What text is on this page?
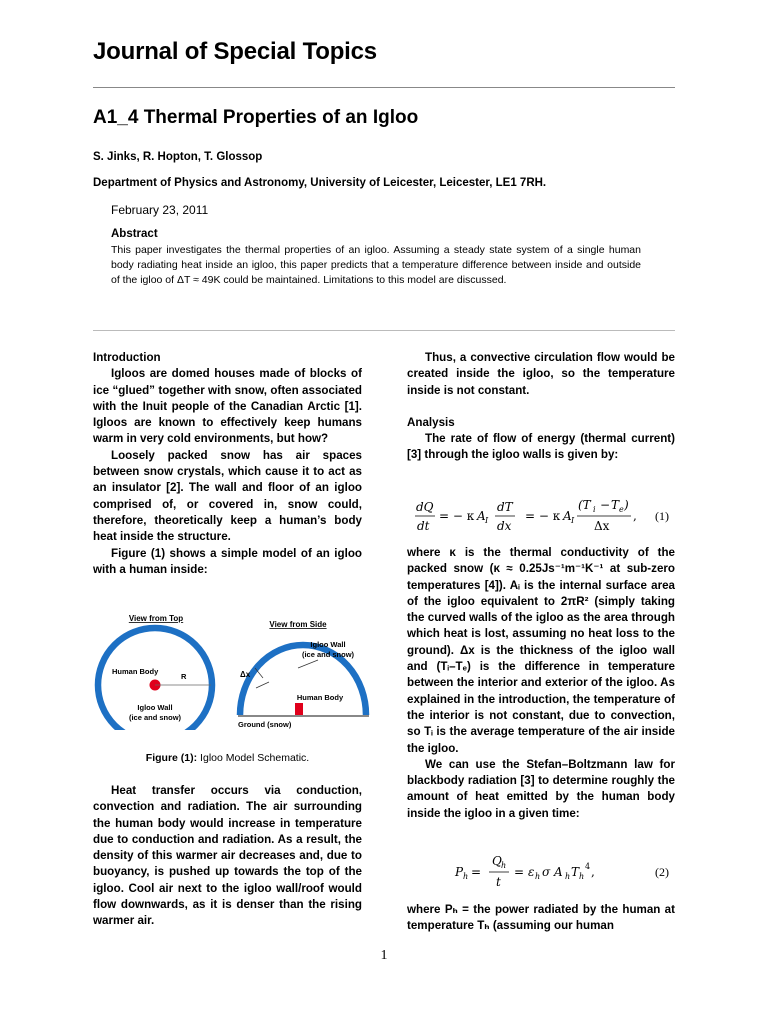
Journal of Special Topics
A1_4 Thermal Properties of an Igloo
S. Jinks, R. Hopton, T. Glossop
Department of Physics and Astronomy, University of Leicester, Leicester, LE1 7RH.
February 23, 2011
Abstract
This paper investigates the thermal properties of an igloo. Assuming a steady state system of a single human body radiating heat inside an igloo, this paper predicts that a temperature difference between inside and outside of the igloo of ΔT ≈ 49K could be maintained. Limitations to this model are discussed.

Introduction

Igloos are domed houses made of blocks of ice “glued” together with snow, often associated with the Inuit people of the Canadian Arctic [1]. Igloos are known to effectively keep humans warm in very cold environments, but how?

Loosely packed snow has air spaces between snow crystals, which cause it to act as an insulator [2]. The wall and floor of an igloo comprised of, or covered in, snow could, therefore, theoretically keep a human’s body heat inside the structure.

Figure (1) shows a simple model of an igloo with a human inside:

View from Top
Human Body
R
Igloo Wall
(ice and snow)
View from Side
Igloo Wall
(ice and snow)
Human Body
Δx
Ground (snow)
Figure (1): Igloo Model Schematic.

Heat transfer occurs via conduction, convection and radiation. The air surrounding the human body would increase in temperature due to conduction and radiation. As a result, the density of this warmer air decreases and, due to buoyancy, is pushed up towards the top of the igloo. Cool air next to the igloo wall/roof would flow downwards, as it is denser than the rising warmer air.

Thus, a convective circulation flow would be created inside the igloo, so the temperature inside is not constant.

Analysis

The rate of flow of energy (thermal current) [3] through the igloo walls is given by:

dQ
dt
= − κ A I
dT
dx
= − κ A I
(T i − T e )
Δx
, (1)

where κ is the thermal conductivity of the packed snow (κ ≈ 0.25Js⁻¹m⁻¹K⁻¹ at sub-zero temperatures [4]). Aᵢ is the internal surface area of the igloo equivalent to 2πR² (simply taking the curved walls of the igloo as the area through which heat is lost, assuming no heat loss to the ground). Δx is the thickness of the igloo wall and (Tᵢ–Tₑ) is the difference in temperature between the interior and exterior of the igloo. As explained in the introduction, the temperature of the interior is not constant, due to convection, so Tᵢ is the average temperature of the air inside the igloo.

We can use the Stefan–Boltzmann law for blackbody radiation [3] to determine roughly the amount of heat emitted by the human body inside the igloo in a given time:

P h =
Q h
t
= ε h σ A h T h
4 ,	(2)

where Pₕ = the power radiated by the human at temperature Tₕ (assuming our human

1
